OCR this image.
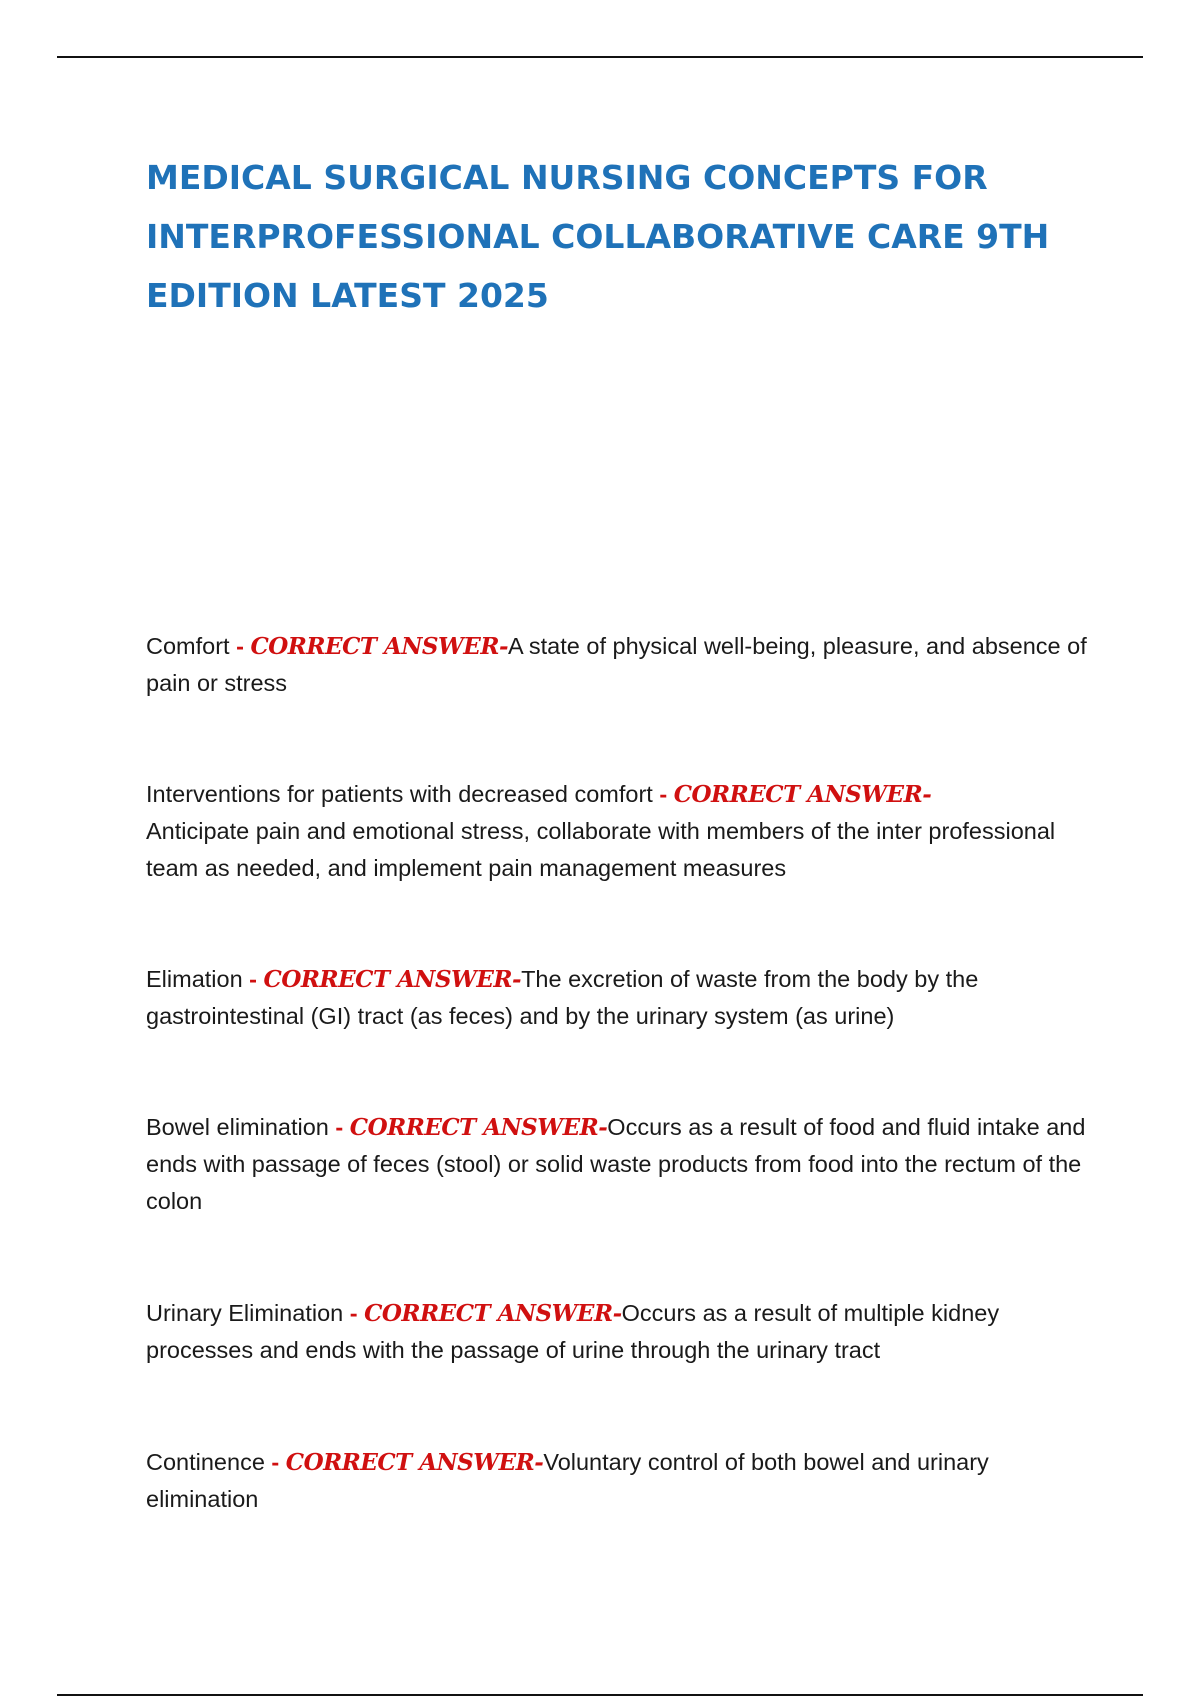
MEDICAL SURGICAL NURSING CONCEPTS FOR INTERPROFESSIONAL COLLABORATIVE CARE 9TH EDITION LATEST 2025

Comfort - CORRECT ANSWER-A state of physical well-being, pleasure, and absence of pain or stress

Interventions for patients with decreased comfort - CORRECT ANSWER-
Anticipate pain and emotional stress, collaborate with members of the inter professional team as needed, and implement pain management measures

Elimation - CORRECT ANSWER-The excretion of waste from the body by the gastrointestinal (GI) tract (as feces) and by the urinary system (as urine)

Bowel elimination - CORRECT ANSWER-Occurs as a result of food and fluid intake and ends with passage of feces (stool) or solid waste products from food into the rectum of the colon

Urinary Elimination - CORRECT ANSWER-Occurs as a result of multiple kidney processes and ends with the passage of urine through the urinary tract

Continence - CORRECT ANSWER-Voluntary control of both bowel and urinary elimination
